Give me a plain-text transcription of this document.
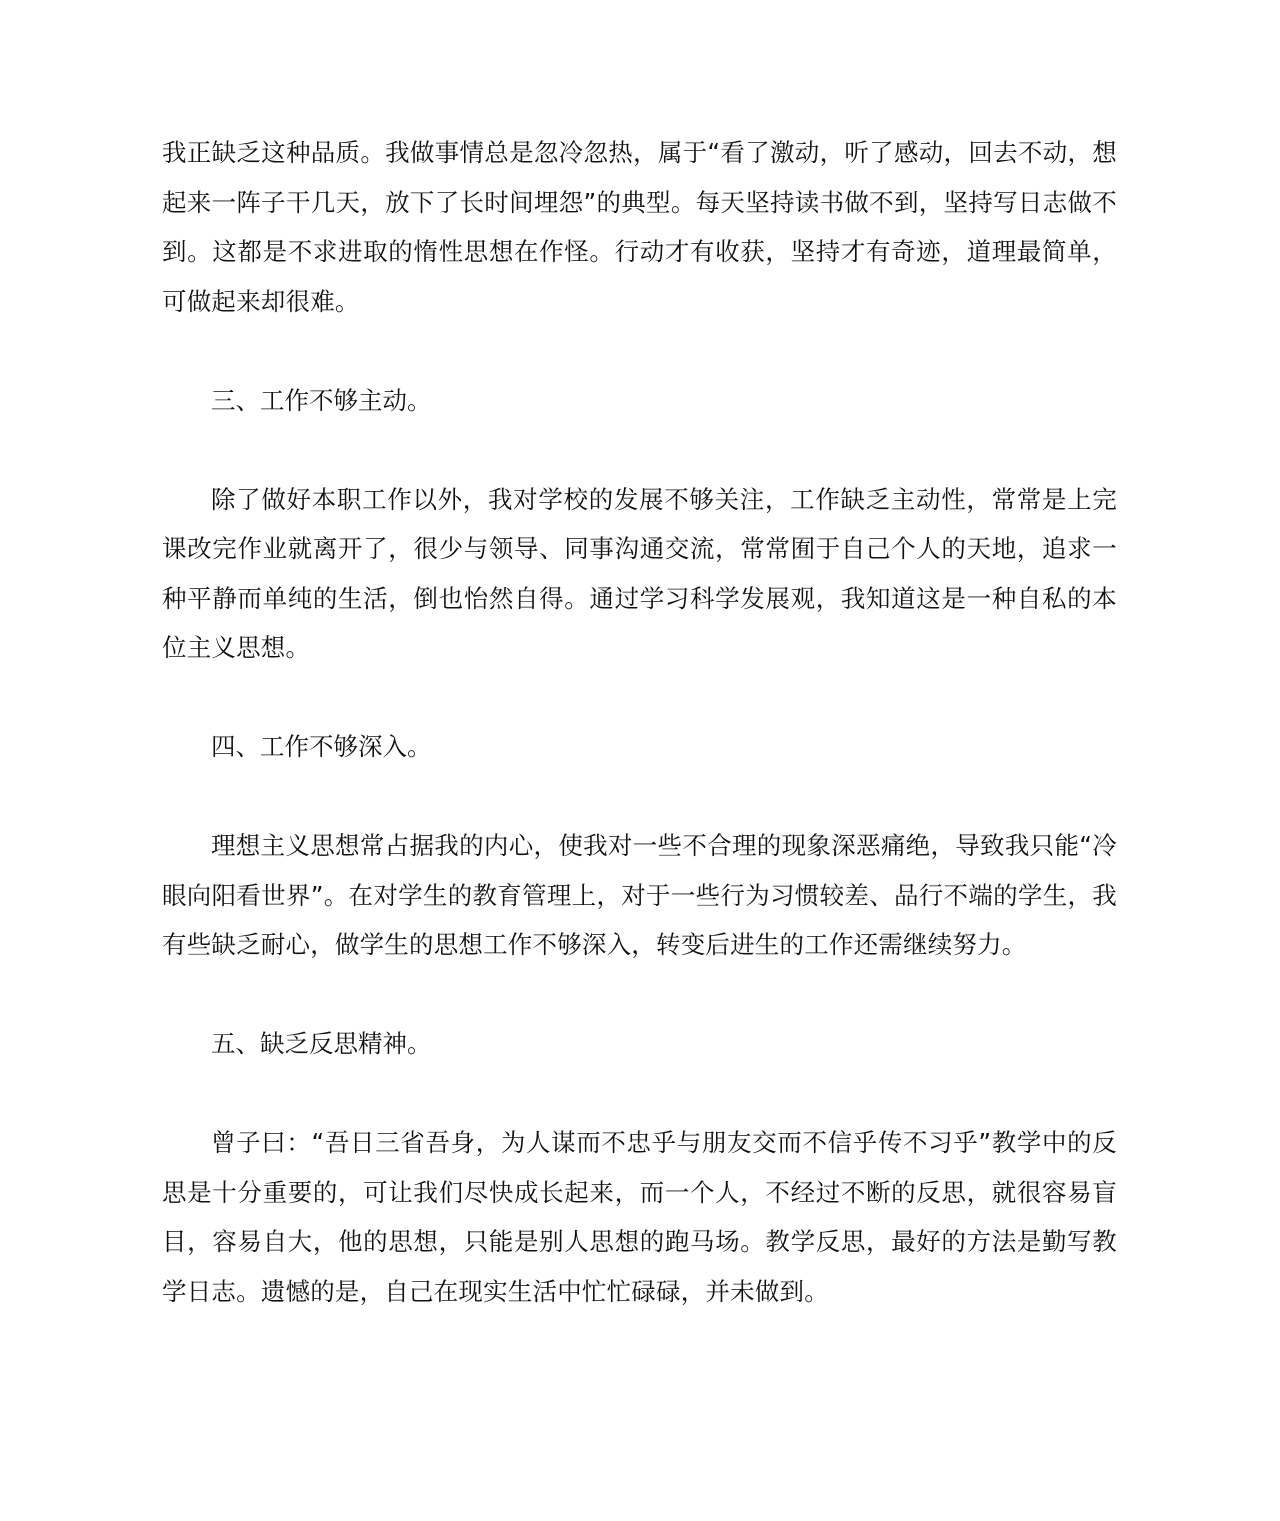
我正缺乏这种品质。我做事情总是忽冷忽热，属于“看了激动，听了感动，回去不动，想起来一阵子干几天，放下了长时间埋怨”的典型。每天坚持读书做不到，坚持写日志做不到。这都是不求进取的惰性思想在作怪。行动才有收获，坚持才有奇迹，道理最简单，可做起来却很难。

三、工作不够主动。

除了做好本职工作以外，我对学校的发展不够关注，工作缺乏主动性，常常是上完课改完作业就离开了，很少与领导、同事沟通交流，常常囿于自己个人的天地，追求一种平静而单纯的生活，倒也怡然自得。通过学习科学发展观，我知道这是一种自私的本位主义思想。

四、工作不够深入。

理想主义思想常占据我的内心，使我对一些不合理的现象深恶痛绝，导致我只能“冷眼向阳看世界”。在对学生的教育管理上，对于一些行为习惯较差、品行不端的学生，我有些缺乏耐心，做学生的思想工作不够深入，转变后进生的工作还需继续努力。

五、缺乏反思精神。

曾子曰：“吾日三省吾身，为人谋而不忠乎与朋友交而不信乎传不习乎”教学中的反思是十分重要的，可让我们尽快成长起来，而一个人，不经过不断的反思，就很容易盲目，容易自大，他的思想，只能是别人思想的跑马场。教学反思，最好的方法是勤写教学日志。遗憾的是，自己在现实生活中忙忙碌碌，并未做到。
